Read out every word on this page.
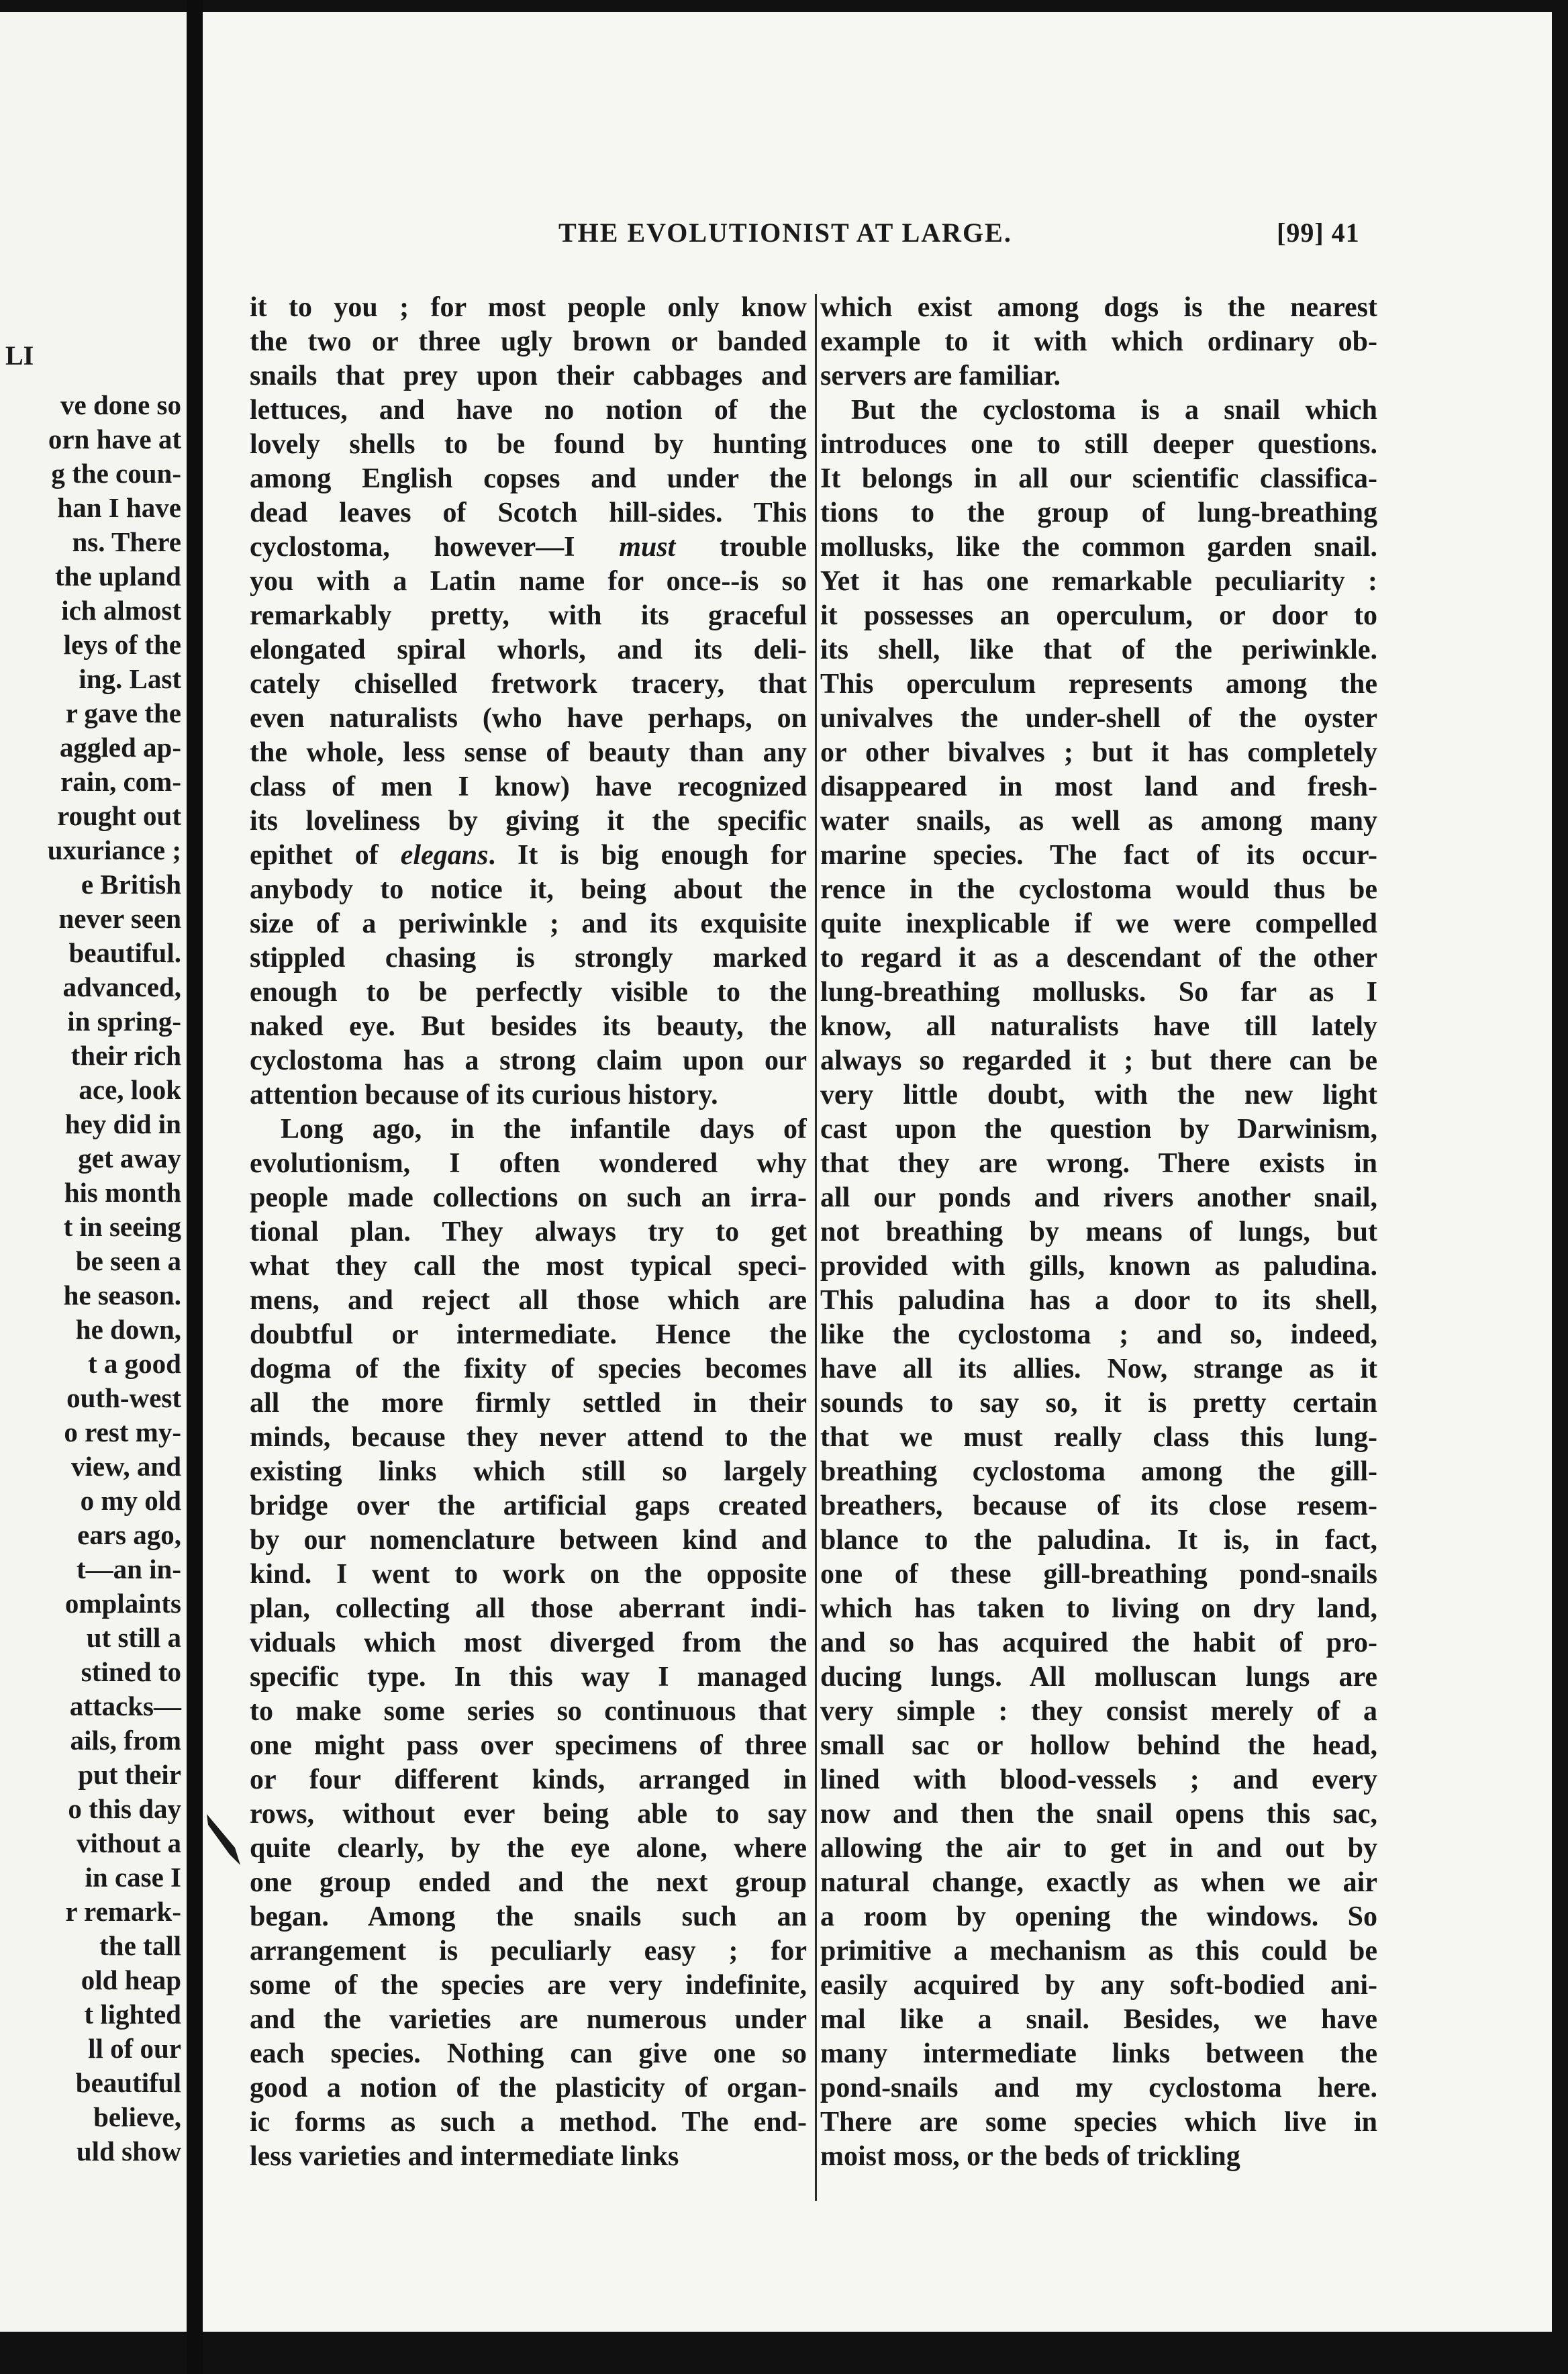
LI
ve done so
orn have at
g the coun-
han I have
ns. There
the upland
ich almost
leys of the
ing. Last
r gave the
aggled ap-
rain, com-
rought out
uxuriance ;
e British
never seen
beautiful.
advanced,
in spring-
their rich
ace, look
hey did in
get away
his month
t in seeing
be seen a
he season.
he down,
t a good
outh-west
o rest my-
view, and
o my old
ears ago,
t—an in-
omplaints
ut still a
stined to
attacks—
ails, from
put their
o this day
vithout a
in case I
r remark-
the tall
old heap
t lighted
ll of our
beautiful
believe,
uld show
THE EVOLUTIONIST AT LARGE.	[99] 41

it to you ; for most people only know
the two or three ugly brown or banded
snails that prey upon their cabbages and
lettuces, and have no notion of the
lovely shells to be found by hunting
among English copses and under the
dead leaves of Scotch hill-sides. This
cyclostoma, however—I must trouble
you with a Latin name for once--is so
remarkably pretty, with its graceful
elongated spiral whorls, and its deli-
cately chiselled fretwork tracery, that
even naturalists (who have perhaps, on
the whole, less sense of beauty than any
class of men I know) have recognized
its loveliness by giving it the specific
epithet of elegans. It is big enough for
anybody to notice it, being about the
size of a periwinkle ; and its exquisite
stippled chasing is strongly marked
enough to be perfectly visible to the
naked eye. But besides its beauty, the
cyclostoma has a strong claim upon our
attention because of its curious history.

Long ago, in the infantile days of
evolutionism, I often wondered why
people made collections on such an irra-
tional plan. They always try to get
what they call the most typical speci-
mens, and reject all those which are
doubtful or intermediate. Hence the
dogma of the fixity of species becomes
all the more firmly settled in their
minds, because they never attend to the
existing links which still so largely
bridge over the artificial gaps created
by our nomenclature between kind and
kind. I went to work on the opposite
plan, collecting all those aberrant indi-
viduals which most diverged from the
specific type. In this way I managed
to make some series so continuous that
one might pass over specimens of three
or four different kinds, arranged in
rows, without ever being able to say
quite clearly, by the eye alone, where
one group ended and the next group
began. Among the snails such an
arrangement is peculiarly easy ; for
some of the species are very indefinite,
and the varieties are numerous under
each species. Nothing can give one so
good a notion of the plasticity of organ-
ic forms as such a method. The end-
less varieties and intermediate links

which exist among dogs is the nearest
example to it with which ordinary ob-
servers are familiar.

But the cyclostoma is a snail which
introduces one to still deeper questions.
It belongs in all our scientific classifica-
tions to the group of lung-breathing
mollusks, like the common garden snail.
Yet it has one remarkable peculiarity :
it possesses an operculum, or door to
its shell, like that of the periwinkle.
This operculum represents among the
univalves the under-shell of the oyster
or other bivalves ; but it has completely
disappeared in most land and fresh-
water snails, as well as among many
marine species. The fact of its occur-
rence in the cyclostoma would thus be
quite inexplicable if we were compelled
to regard it as a descendant of the other
lung-breathing mollusks. So far as I
know, all naturalists have till lately
always so regarded it ; but there can be
very little doubt, with the new light
cast upon the question by Darwinism,
that they are wrong. There exists in
all our ponds and rivers another snail,
not breathing by means of lungs, but
provided with gills, known as paludina.
This paludina has a door to its shell,
like the cyclostoma ; and so, indeed,
have all its allies. Now, strange as it
sounds to say so, it is pretty certain
that we must really class this lung-
breathing cyclostoma among the gill-
breathers, because of its close resem-
blance to the paludina. It is, in fact,
one of these gill-breathing pond-snails
which has taken to living on dry land,
and so has acquired the habit of pro-
ducing lungs. All molluscan lungs are
very simple : they consist merely of a
small sac or hollow behind the head,
lined with blood-vessels ; and every
now and then the snail opens this sac,
allowing the air to get in and out by
natural change, exactly as when we air
a room by opening the windows. So
primitive a mechanism as this could be
easily acquired by any soft-bodied ani-
mal like a snail. Besides, we have
many intermediate links between the
pond-snails and my cyclostoma here.
There are some species which live in
moist moss, or the beds of trickling
